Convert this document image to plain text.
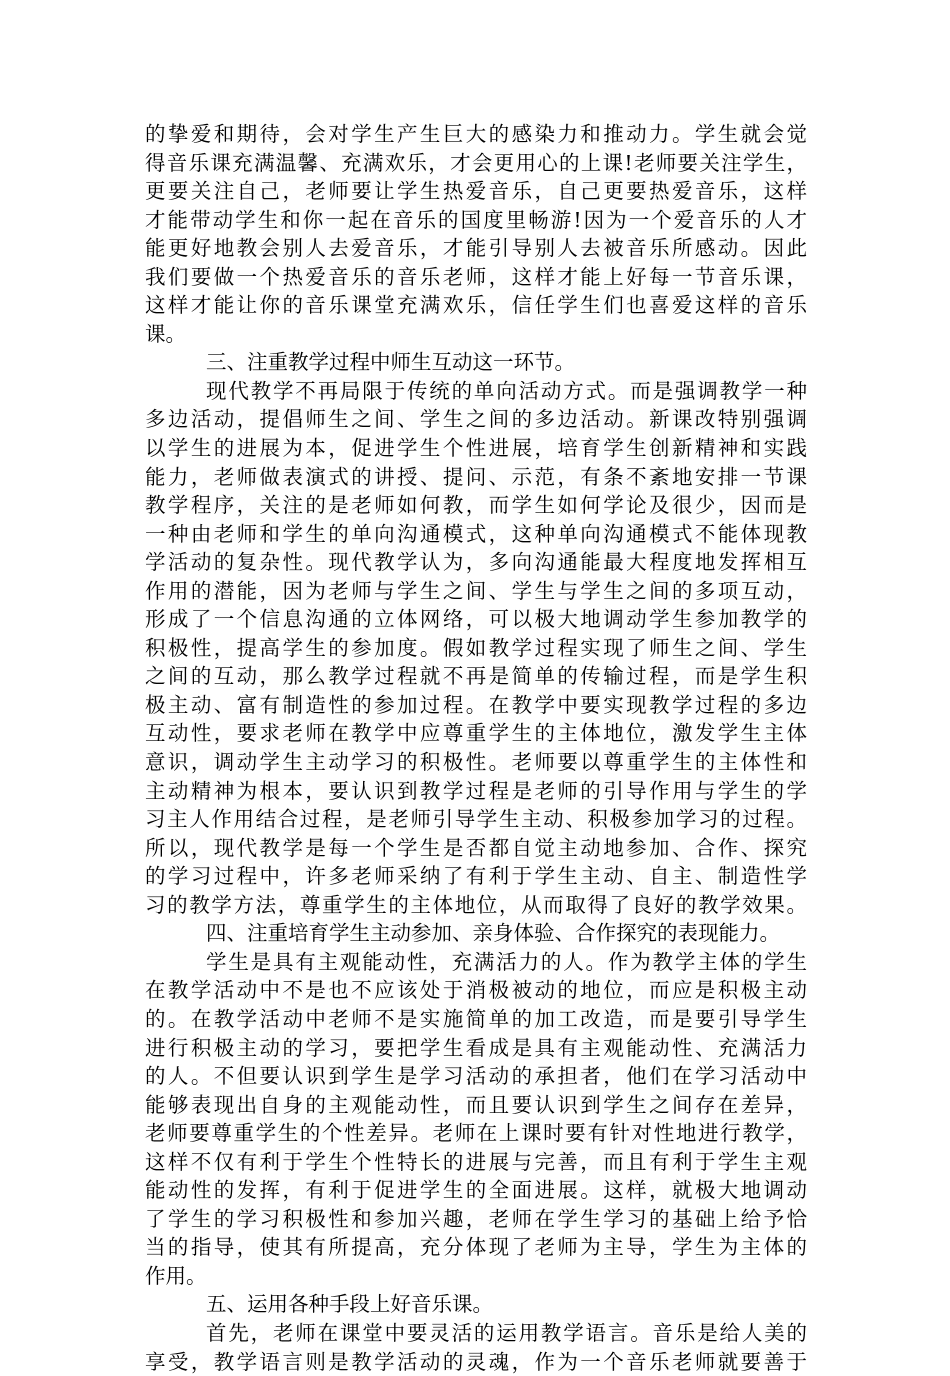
的挚爱和期待，会对学生产生巨大的感染力和推动力。学生就会觉
得音乐课充满温馨、充满欢乐，才会更用心的上课!老师要关注学生，
更要关注自己，老师要让学生热爱音乐，自己更要热爱音乐，这样
才能带动学生和你一起在音乐的国度里畅游!因为一个爱音乐的人才
能更好地教会别人去爱音乐，才能引导别人去被音乐所感动。因此
我们要做一个热爱音乐的音乐老师，这样才能上好每一节音乐课，
这样才能让你的音乐课堂充满欢乐，信任学生们也喜爱这样的音乐
课。
三、注重教学过程中师生互动这一环节。
现代教学不再局限于传统的单向活动方式。而是强调教学一种
多边活动，提倡师生之间、学生之间的多边活动。新课改特别强调
以学生的进展为本，促进学生个性进展，培育学生创新精神和实践
能力，老师做表演式的讲授、提问、示范，有条不紊地安排一节课
教学程序，关注的是老师如何教，而学生如何学论及很少，因而是
一种由老师和学生的单向沟通模式，这种单向沟通模式不能体现教
学活动的复杂性。现代教学认为，多向沟通能最大程度地发挥相互
作用的潜能，因为老师与学生之间、学生与学生之间的多项互动，
形成了一个信息沟通的立体网络，可以极大地调动学生参加教学的
积极性，提高学生的参加度。假如教学过程实现了师生之间、学生
之间的互动，那么教学过程就不再是简单的传输过程，而是学生积
极主动、富有制造性的参加过程。在教学中要实现教学过程的多边
互动性，要求老师在教学中应尊重学生的主体地位，激发学生主体
意识，调动学生主动学习的积极性。老师要以尊重学生的主体性和
主动精神为根本，要认识到教学过程是老师的引导作用与学生的学
习主人作用结合过程，是老师引导学生主动、积极参加学习的过程。
所以，现代教学是每一个学生是否都自觉主动地参加、合作、探究
的学习过程中，许多老师采纳了有利于学生主动、自主、制造性学
习的教学方法，尊重学生的主体地位，从而取得了良好的教学效果。
四、注重培育学生主动参加、亲身体验、合作探究的表现能力。
学生是具有主观能动性，充满活力的人。作为教学主体的学生
在教学活动中不是也不应该处于消极被动的地位，而应是积极主动
的。在教学活动中老师不是实施简单的加工改造，而是要引导学生
进行积极主动的学习，要把学生看成是具有主观能动性、充满活力
的人。不但要认识到学生是学习活动的承担者，他们在学习活动中
能够表现出自身的主观能动性，而且要认识到学生之间存在差异，
老师要尊重学生的个性差异。老师在上课时要有针对性地进行教学，
这样不仅有利于学生个性特长的进展与完善，而且有利于学生主观
能动性的发挥，有利于促进学生的全面进展。这样，就极大地调动
了学生的学习积极性和参加兴趣，老师在学生学习的基础上给予恰
当的指导，使其有所提高，充分体现了老师为主导，学生为主体的
作用。
五、运用各种手段上好音乐课。
首先，老师在课堂中要灵活的运用教学语言。音乐是给人美的
享受，教学语言则是教学活动的灵魂，作为一个音乐老师就要善于
